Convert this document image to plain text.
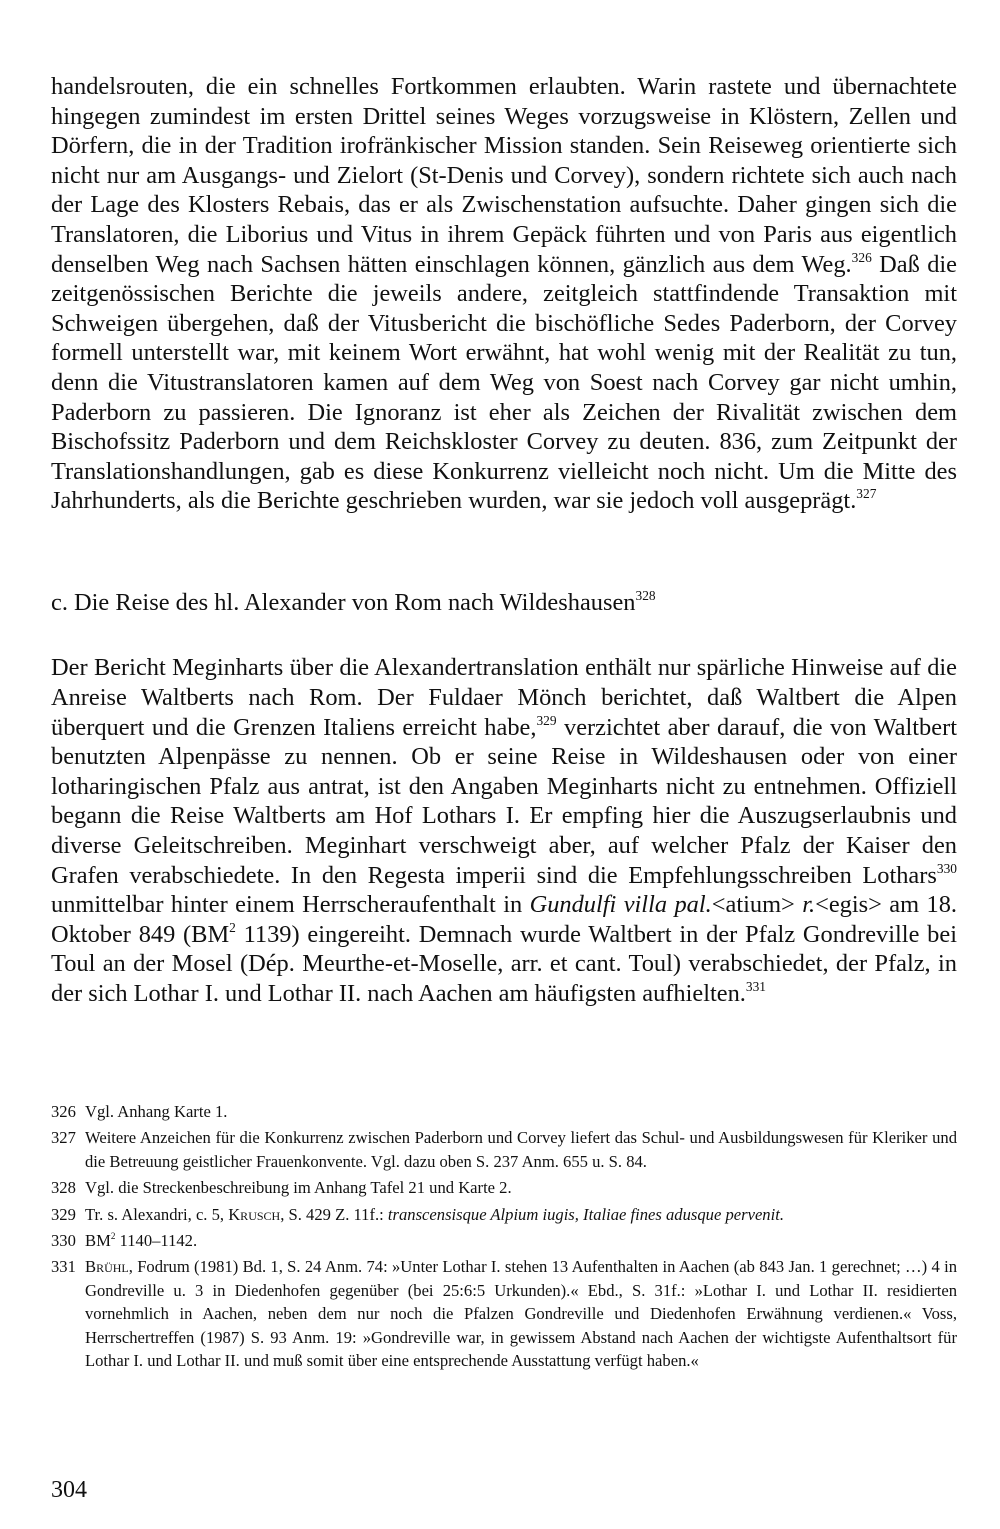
handelsrouten, die ein schnelles Fortkommen erlaubten. Warin rastete und übernachtete hingegen zumindest im ersten Drittel seines Weges vorzugsweise in Klöstern, Zellen und Dörfern, die in der Tradition irofränkischer Mission standen. Sein Reiseweg orientierte sich nicht nur am Ausgangs- und Zielort (St-Denis und Corvey), sondern richtete sich auch nach der Lage des Klosters Rebais, das er als Zwischenstation aufsuchte. Daher gingen sich die Translatoren, die Liborius und Vitus in ihrem Gepäck führten und von Paris aus eigentlich denselben Weg nach Sachsen hätten einschlagen können, gänzlich aus dem Weg.$^{326}$ Daß die zeitgenössischen Berichte die jeweils andere, zeitgleich stattfindende Transaktion mit Schweigen übergehen, daß der Vitusbericht die bischöfliche Sedes Paderborn, der Corvey formell unterstellt war, mit keinem Wort erwähnt, hat wohl wenig mit der Realität zu tun, denn die Vitustranslatoren kamen auf dem Weg von Soest nach Corvey gar nicht umhin, Paderborn zu passieren. Die Ignoranz ist eher als Zeichen der Rivalität zwischen dem Bischofssitz Paderborn und dem Reichskloster Corvey zu deuten. 836, zum Zeitpunkt der Translationshandlungen, gab es diese Konkurrenz vielleicht noch nicht. Um die Mitte des Jahrhunderts, als die Berichte geschrieben wurden, war sie jedoch voll ausgeprägt.$^{327}$

c. Die Reise des hl. Alexander von Rom nach Wildeshausen$^{328}$

Der Bericht Meginharts über die Alexandertranslation enthält nur spärliche Hinweise auf die Anreise Waltberts nach Rom. Der Fuldaer Mönch berichtet, daß Waltbert die Alpen überquert und die Grenzen Italiens erreicht habe,$^{329}$ verzichtet aber darauf, die von Waltbert benutzten Alpenpässe zu nennen. Ob er seine Reise in Wildeshausen oder von einer lotharingischen Pfalz aus antrat, ist den Angaben Meginharts nicht zu entnehmen. Offiziell begann die Reise Waltberts am Hof Lothars I. Er empfing hier die Auszugserlaubnis und diverse Geleitschreiben. Meginhart verschweigt aber, auf welcher Pfalz der Kaiser den Grafen verabschiedete. In den Regesta imperii sind die Empfehlungsschreiben Lothars$^{330}$ unmittelbar hinter einem Herrscheraufenthalt in Gundulfi villa pal.<atium> r.<egis> am 18. Oktober 849 ($BM^2$ 1139) eingereiht. Demnach wurde Waltbert in der Pfalz Gondreville bei Toul an der Mosel (Dép. Meurthe-et-Moselle, arr. et cant. Toul) verabschiedet, der Pfalz, in der sich Lothar I. und Lothar II. nach Aachen am häufigsten aufhielten.$^{331}$

326 Vgl. Anhang Karte 1.
327 Weitere Anzeichen für die Konkurrenz zwischen Paderborn und Corvey liefert das Schul- und Ausbildungswesen für Kleriker und die Betreuung geistlicher Frauenkonvente. Vgl. dazu oben S. 237 Anm. 655 u. S. 84.
328 Vgl. die Streckenbeschreibung im Anhang Tafel 21 und Karte 2.
329 Tr. s. Alexandri, c. 5, Krusch, S. 429 Z. 11f.: transcensisque Alpium iugis, Italiae fines adusque pervenit.
330 $BM^2$ 1140–1142.
331 Brühl, Fodrum (1981) Bd. 1, S. 24 Anm. 74: »Unter Lothar I. stehen 13 Aufenthalten in Aachen (ab 843 Jan. 1 gerechnet; …) 4 in Gondreville u. 3 in Diedenhofen gegenüber (bei 25:6:5 Urkunden).« Ebd., S. 31f.: »Lothar I. und Lothar II. residierten vornehmlich in Aachen, neben dem nur noch die Pfalzen Gondreville und Diedenhofen Erwähnung verdienen.« Voss, Herrschertreffen (1987) S. 93 Anm. 19: »Gondreville war, in gewissem Abstand nach Aachen der wichtigste Aufenthaltsort für Lothar I. und Lothar II. und muß somit über eine entsprechende Ausstattung verfügt haben.«
304
